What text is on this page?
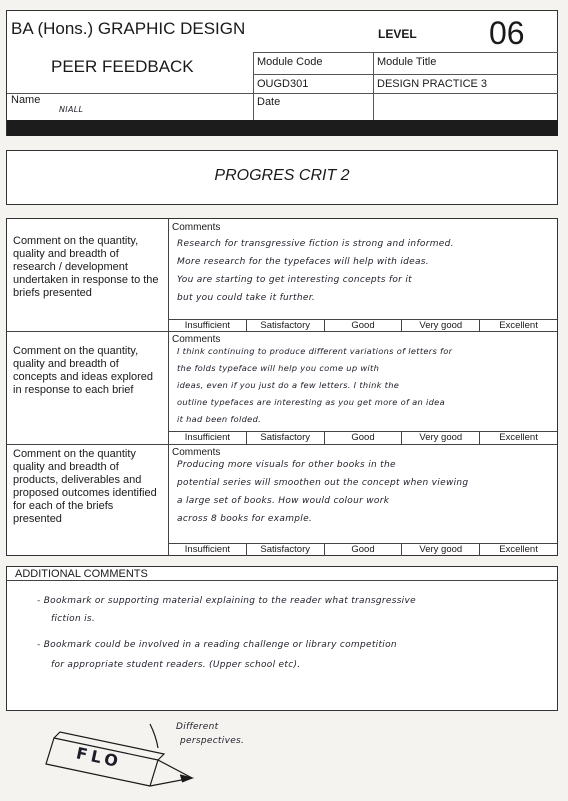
BA (Hons.) GRAPHIC DESIGN
PEER FEEDBACK
LEVEL 06
Module Code
OUGD301
Module Title
DESIGN PRACTICE 3
Name
NIALL
Date
PROGRES CRIT 2
Comment on the quantity, quality and breadth of research / development undertaken in response to the briefs presented
Comments
Research for transgressive fiction is strong and informed.
More research for the typefaces will help with ideas.
You are starting to get interesting concepts for it
but you could take it further.
Insufficient	Satisfactory	Good	Very good	Excellent
Comment on the quantity, quality and breadth of concepts and ideas explored in response to each brief
Comments
I think continuing to produce different variations of letters for
the folds typeface will help you come up with
ideas, even if you just do a few letters. I think the
outline typefaces are interesting as you get more of an idea
it had been folded.
Insufficient	Satisfactory	Good	Very good	Excellent
Comment on the quantity quality and breadth of products, deliverables and proposed outcomes identified for each of the briefs presented
Comments
Producing more visuals for other books in the
potential series will smoothen out the concept when viewing
a large set of books. How would colour work
across 8 books for example.
Insufficient	Satisfactory	Good	Very good	Excellent
ADDITIONAL COMMENTS
- Bookmark or supporting material explaining to the reader what transgressive
fiction is.
- Bookmark could be involved in a reading challenge or library competition
for appropriate student readers. (Upper school etc).
FLO
Different
perspectives.
